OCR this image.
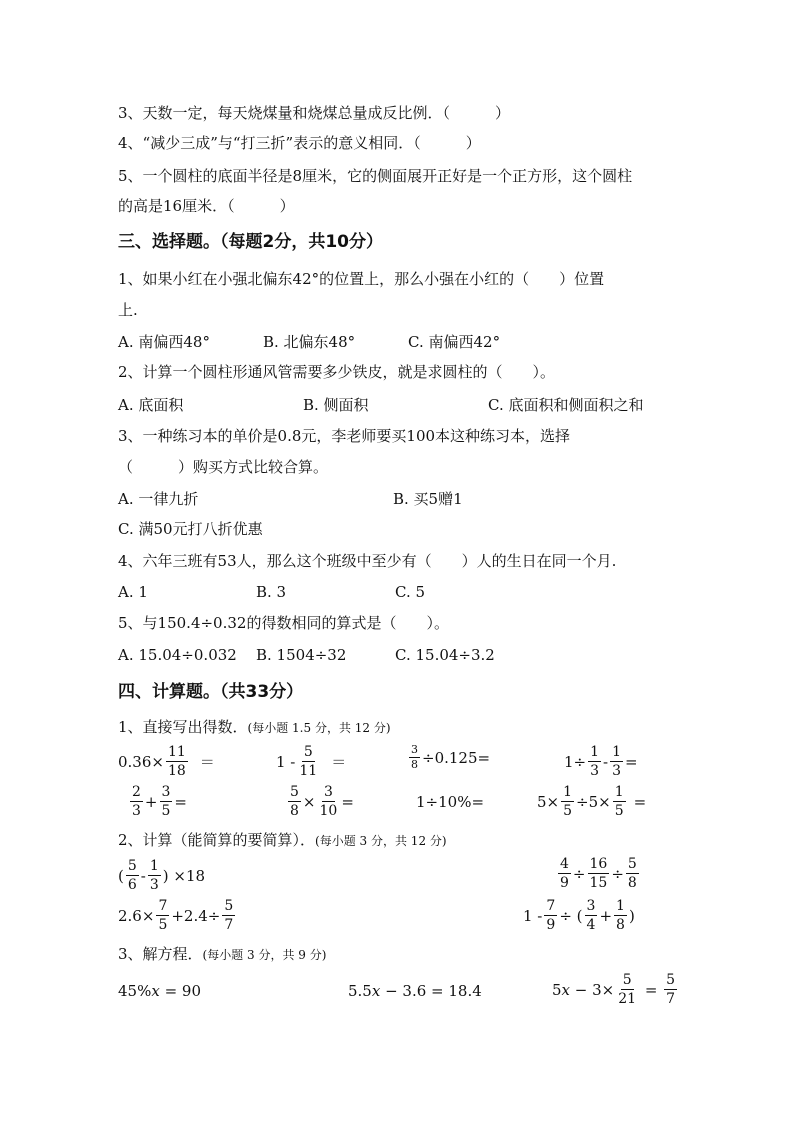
3、天数一定，每天烧煤量和烧煤总量成反比例．（　　　）
4、“减少三成”与“打三折”表示的意义相同．（　　　）
5、一个圆柱的底面半径是8厘米，它的侧面展开正好是一个正方形，这个圆柱
的高是16厘米．（　　　）
三、选择题。（每题2分，共10分）
1、如果小红在小强北偏东42°的位置上，那么小强在小红的（　　）位置
上.
A. 南偏西48°	B. 北偏东48°	C. 南偏西42°
2、计算一个圆柱形通风管需要多少铁皮，就是求圆柱的（　　）。
A. 底面积	B. 侧面积	C. 底面积和侧面积之和
3、一种练习本的单价是0.8元，李老师要买100本这种练习本，选择
（　　　）购买方式比较合算。
A. 一律九折	B. 买5赠1
C. 满50元打八折优惠
4、六年三班有53人，那么这个班级中至少有（　　）人的生日在同一个月.
A. 1	B. 3	C. 5
5、与150.4÷0.32的得数相同的算式是（　　）。
A. 15.04÷0.032 B. 1504÷32	C. 15.04÷3.2
四、计算题。（共33分）
1、直接写出得数．(每小题 1.5 分，共 12 分)
$0.36\times \frac{11}{18}$ ＝	$1 - \frac{5}{11}$ ＝	$\frac{3}{8} \div 0.125=$	$1\div \frac{1}{3} - \frac{1}{3}$ =
$\frac{2}{3} + \frac{3}{5}$ =	$\frac{5}{8} \times \frac{3}{10}$ =	1÷10%=	$5\times \frac{1}{5} \div 5\times \frac{1}{5}$ =
2、计算（能简算的要简算）．(每小题 3 分，共 12 分)
( $\frac{5}{6} - \frac{1}{3}$ ) ×18	$\frac{4}{9} \div \frac{16}{15} \div \frac{5}{8}$
$2.6\times \frac{7}{5} +2.4\div \frac{5}{7}$	$1 - \frac{7}{9}$ ÷ ( $\frac{3}{4} + \frac{1}{8}$ )
3、解方程．(每小题 3 分，共 9 分)
45% x = 90	5.5 x − 3.6 = 18.4	5 $x - 3\times \frac{5}{21} = \frac{5}{7}$
